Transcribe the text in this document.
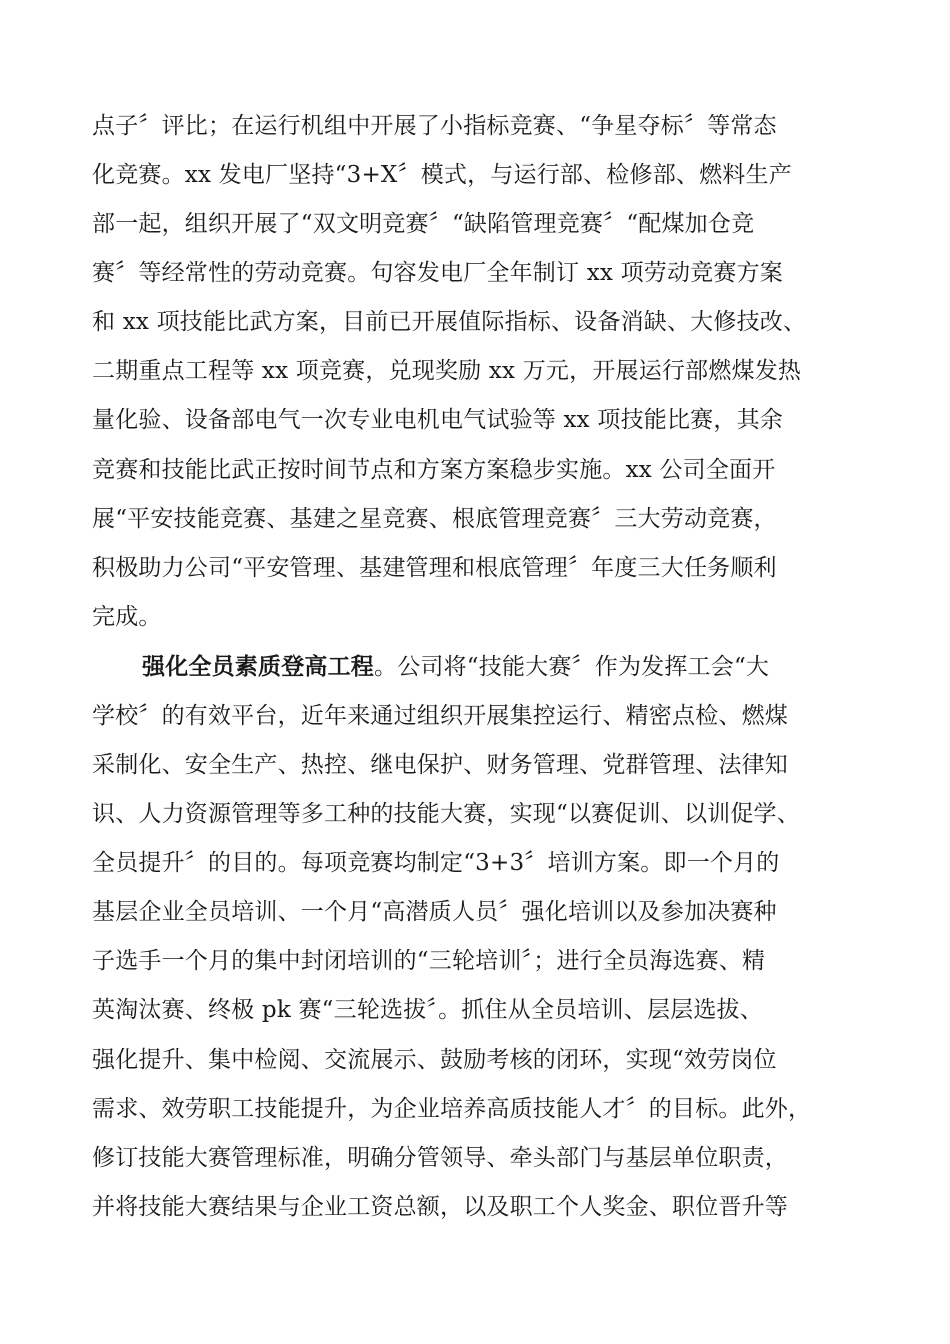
点子〞评比；在运行机组中开展了小指标竞赛、“争星夺标〞等常态
化竞赛。xx 发电厂坚持“3+X〞模式，与运行部、检修部、燃料生产
部一起，组织开展了“双文明竞赛〞“缺陷管理竞赛〞“配煤加仓竞
赛〞等经常性的劳动竞赛。句容发电厂全年制订 xx 项劳动竞赛方案
和 xx 项技能比武方案，目前已开展值际指标、设备消缺、大修技改、
二期重点工程等 xx 项竞赛，兑现奖励 xx 万元，开展运行部燃煤发热
量化验、设备部电气一次专业电机电气试验等 xx 项技能比赛，其余
竞赛和技能比武正按时间节点和方案方案稳步实施。xx 公司全面开
展“平安技能竞赛、基建之星竞赛、根底管理竞赛〞三大劳动竞赛，
积极助力公司“平安管理、基建管理和根底管理〞年度三大任务顺利
完成。
强化全员素质登高工程。公司将“技能大赛〞作为发挥工会“大
学校〞的有效平台，近年来通过组织开展集控运行、精密点检、燃煤
采制化、安全生产、热控、继电保护、财务管理、党群管理、法律知
识、人力资源管理等多工种的技能大赛，实现“以赛促训、以训促学、
全员提升〞的目的。每项竞赛均制定“3+3〞培训方案。即一个月的
基层企业全员培训、一个月“高潜质人员〞强化培训以及参加决赛种
子选手一个月的集中封闭培训的“三轮培训〞；进行全员海选赛、精
英淘汰赛、终极 pk 赛“三轮选拔〞。抓住从全员培训、层层选拔、
强化提升、集中检阅、交流展示、鼓励考核的闭环，实现“效劳岗位
需求、效劳职工技能提升，为企业培养高质技能人才〞的目标。此外，
修订技能大赛管理标准，明确分管领导、牵头部门与基层单位职责，
并将技能大赛结果与企业工资总额，以及职工个人奖金、职位晋升等
